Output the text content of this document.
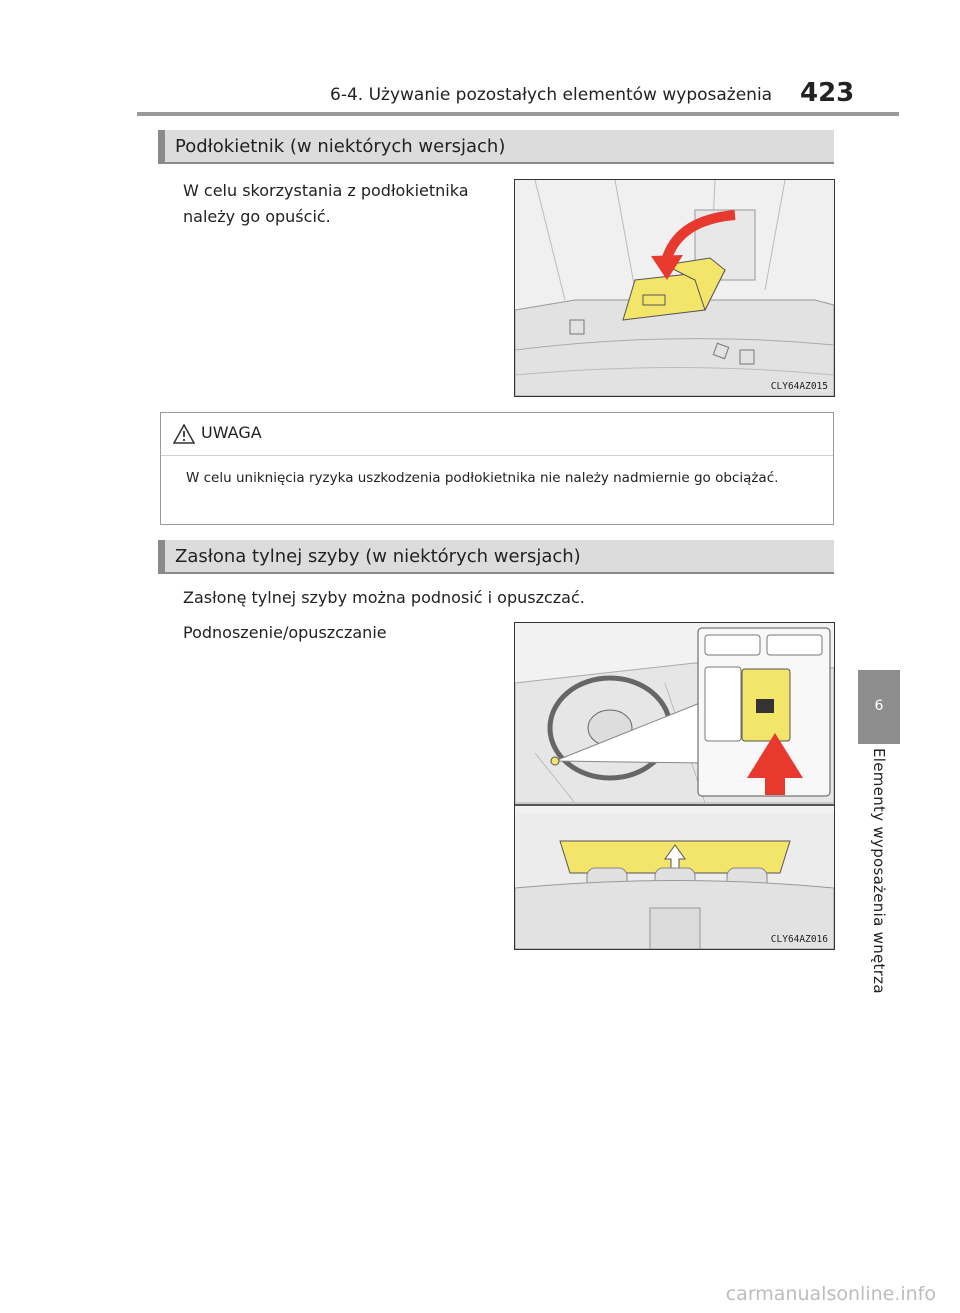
6-4. Używanie pozostałych elementów wyposażenia 423
6
Elementy wyposażenia wnętrza
Podłokietnik (w niektórych wersjach)
W celu skorzystania z podłokietnika
należy go opuścić.
CLY64AZ015
UWAGA
W celu uniknięcia ryzyka uszkodzenia podłokietnika nie należy nadmiernie go obciążać.
Zasłona tylnej szyby (w niektórych wersjach)
Zasłonę tylnej szyby można podnosić i opuszczać.
Podnoszenie/opuszczanie
CLY64AZ016
carmanualsonline.info
